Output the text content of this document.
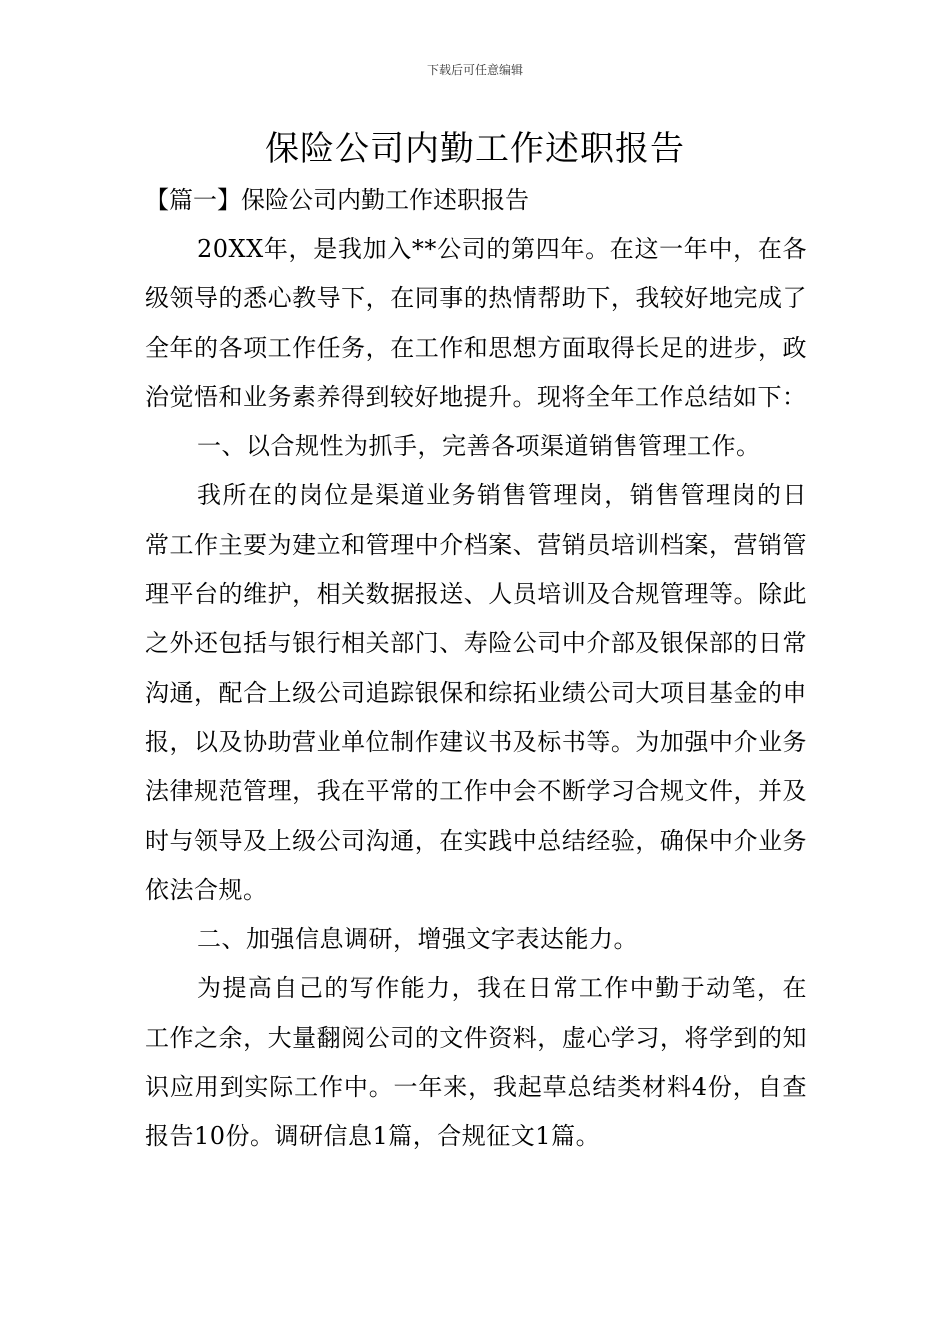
下载后可任意编辑
保险公司内勤工作述职报告
【篇一】保险公司内勤工作述职报告

20XX年，是我加入**公司的第四年。在这一年中，在各级领导的悉心教导下，在同事的热情帮助下，我较好地完成了全年的各项工作任务，在工作和思想方面取得长足的进步，政治觉悟和业务素养得到较好地提升。现将全年工作总结如下：

一、以合规性为抓手，完善各项渠道销售管理工作。

我所在的岗位是渠道业务销售管理岗，销售管理岗的日常工作主要为建立和管理中介档案、营销员培训档案，营销管理平台的维护，相关数据报送、人员培训及合规管理等。除此之外还包括与银行相关部门、寿险公司中介部及银保部的日常沟通，配合上级公司追踪银保和综拓业绩公司大项目基金的申报，以及协助营业单位制作建议书及标书等。为加强中介业务法律规范管理，我在平常的工作中会不断学习合规文件，并及时与领导及上级公司沟通，在实践中总结经验，确保中介业务依法合规。

二、加强信息调研，增强文字表达能力。

为提高自己的写作能力，我在日常工作中勤于动笔，在工作之余，大量翻阅公司的文件资料，虚心学习，将学到的知识应用到实际工作中。一年来，我起草总结类材料4份，自查报告10份。调研信息1篇，合规征文1篇。
